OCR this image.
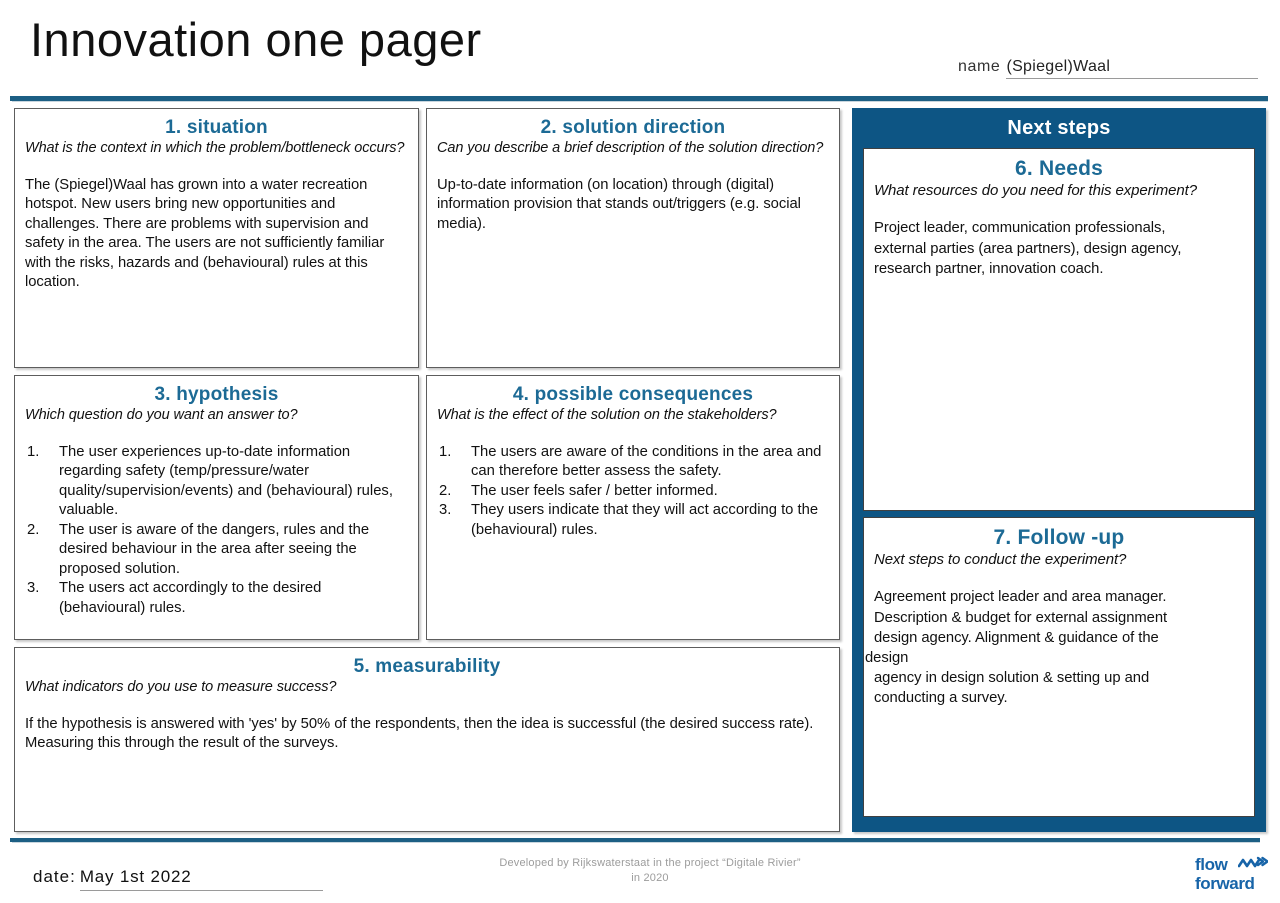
Innovation one pager
name (Spiegel)Waal
1. situation
What is the context in which the problem/bottleneck occurs?

The (Spiegel)Waal has grown into a water recreation hotspot. New users bring new opportunities and challenges. There are problems with supervision and safety in the area. The users are not sufficiently familiar with the risks, hazards and (behavioural) rules at this location.

2. solution direction
Can you describe a brief description of the solution direction?

Up-to-date information (on location) through (digital) information provision that stands out/triggers (e.g. social media).

3. hypothesis
Which question do you want an answer to?
1.	The user experiences up-to-date information regarding safety (temp/pressure/water quality/supervision/events) and (behavioural) rules, valuable.
2.	The user is aware of the dangers, rules and the desired behaviour in the area after seeing the proposed solution.
3.	The users act accordingly to the desired (behavioural) rules.
4. possible consequences
What is the effect of the solution on the stakeholders?
1.	The users are aware of the conditions in the area and can therefore better assess the safety.
2.	The user feels safer / better informed.
3.	They users indicate that they will act according to the (behavioural) rules.
5. measurability
What indicators do you use to measure success?

If the hypothesis is answered with 'yes' by 50% of the respondents, then the idea is successful (the desired success rate). Measuring this through the result of the surveys.

Next steps
6. Needs
What resources do you need for this experiment?

Project leader, communication professionals,

external parties (area partners), design agency,

research partner, innovation coach.

7. Follow -up
Next steps to conduct the experiment?

Agreement project leader and area manager.

Description & budget for external assignment

design agency. Alignment & guidance of the

design

agency in design solution & setting up and

conducting a survey.

date: May 1st 2022
Developed by Rijkswaterstaat in the project “Digitale Rivier”
in 2020
flow
forward
